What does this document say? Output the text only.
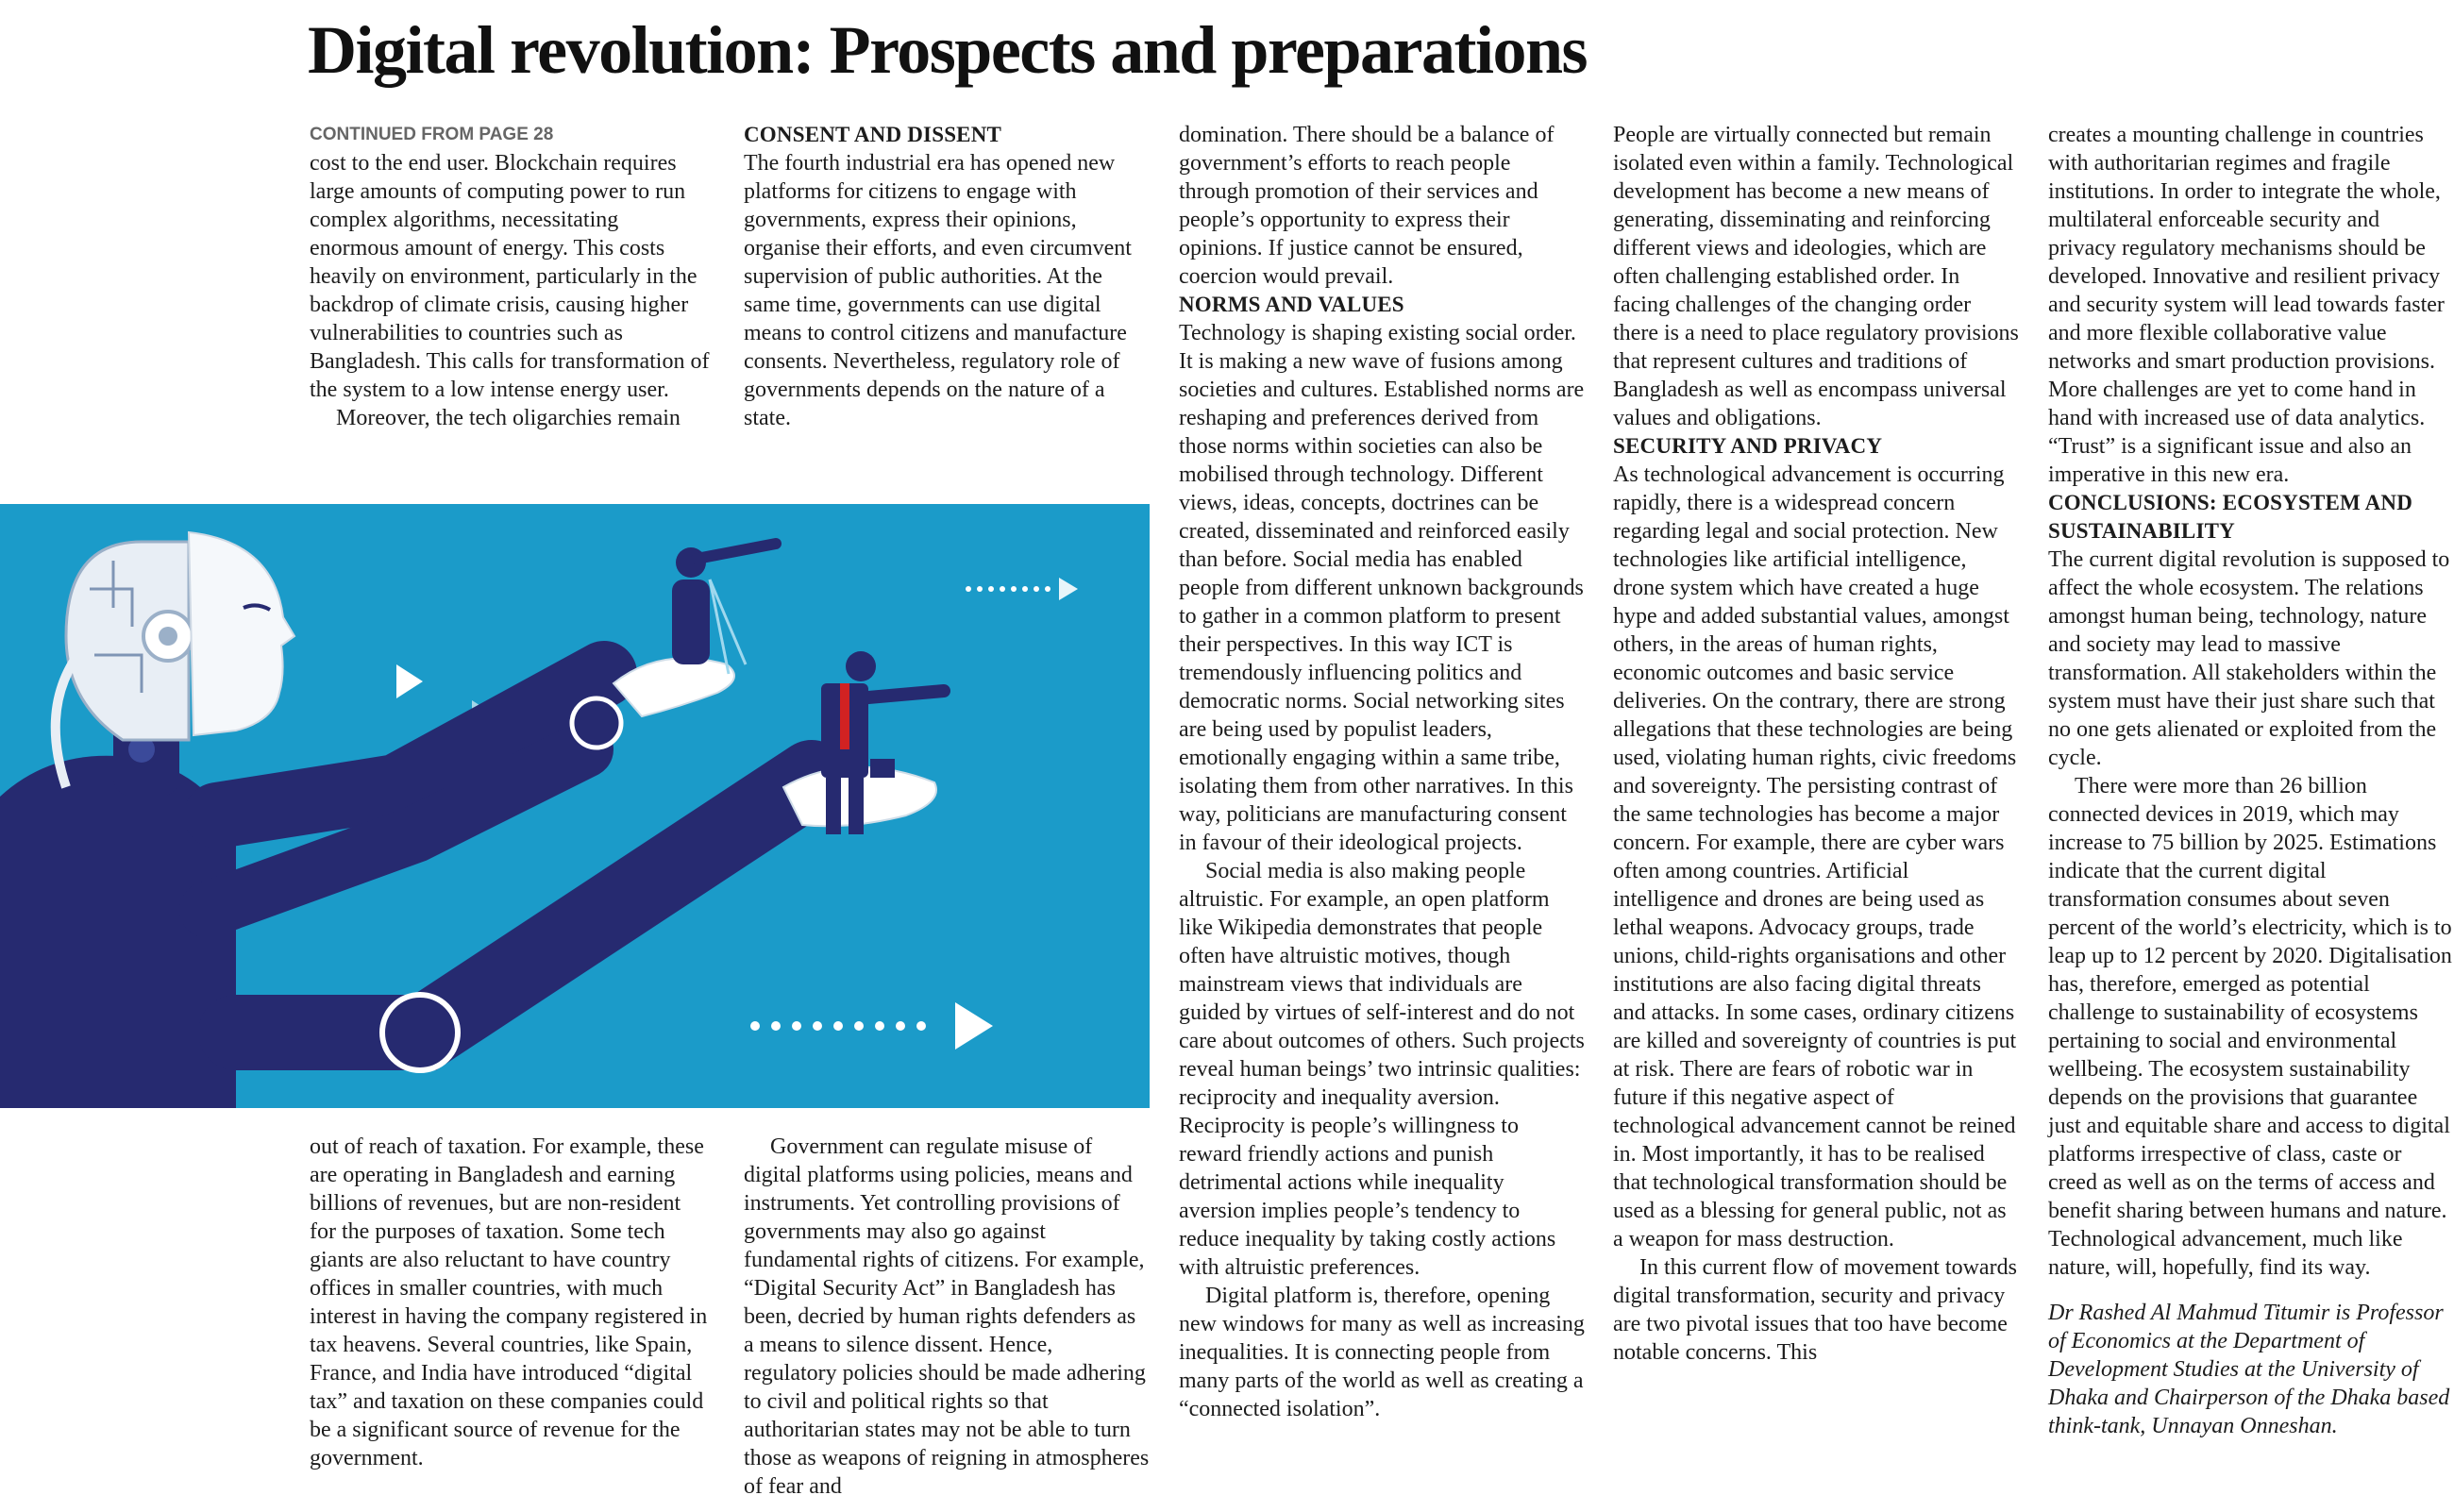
Digital revolution: Prospects and preparations
CONTINUED FROM PAGE 28

cost to the end user. Blockchain requires large amounts of computing power to run complex algorithms, necessitating enormous amount of energy. This costs heavily on environment, particularly in the backdrop of climate crisis, causing higher vulnerabilities to countries such as Bangladesh. This calls for transformation of the system to a low intense energy user.

Moreover, the tech oligarchies remain

out of reach of taxation. For example, these are operating in Bangladesh and earning billions of revenues, but are non-resident for the purposes of taxation. Some tech giants are also reluctant to have country offices in smaller countries, with much interest in having the company registered in tax heavens. Several countries, like Spain, France, and India have introduced “digital tax” and taxation on these companies could be a significant source of revenue for the government.

CONSENT AND DISSENT

The fourth industrial era has opened new platforms for citizens to engage with governments, express their opinions, organise their efforts, and even circumvent supervision of public authorities. At the same time, governments can use digital means to control citizens and manufacture consents. Nevertheless, regulatory role of governments depends on the nature of a state.

Government can regulate misuse of digital platforms using policies, means and instruments. Yet controlling provisions of governments may also go against fundamental rights of citizens. For example, “Digital Security Act” in Bangladesh has been, decried by human rights defenders as a means to silence dissent. Hence, regulatory policies should be made adhering to civil and political rights so that authoritarian states may not be able to turn those as weapons of reigning in atmospheres of fear and

domination. There should be a balance of government’s efforts to reach people through promotion of their services and people’s opportunity to express their opinions. If justice cannot be ensured, coercion would prevail.

NORMS AND VALUES

Technology is shaping existing social order. It is making a new wave of fusions among societies and cultures. Established norms are reshaping and preferences derived from those norms within societies can also be mobilised through technology. Different views, ideas, concepts, doctrines can be created, disseminated and reinforced easily than before. Social media has enabled people from different unknown backgrounds to gather in a common platform to present their perspectives. In this way ICT is tremendously influencing politics and democratic norms. Social networking sites are being used by populist leaders, emotionally engaging within a same tribe, isolating them from other narratives. In this way, politicians are manufacturing consent in favour of their ideological projects.

Social media is also making people altruistic. For example, an open platform like Wikipedia demonstrates that people often have altruistic motives, though mainstream views that individuals are guided by virtues of self-interest and do not care about outcomes of others. Such projects reveal human beings’ two intrinsic qualities: reciprocity and inequality aversion. Reciprocity is people’s willingness to reward friendly actions and punish detrimental actions while inequality aversion implies people’s tendency to reduce inequality by taking costly actions with altruistic preferences.

Digital platform is, therefore, opening new windows for many as well as increasing inequalities. It is connecting people from many parts of the world as well as creating a “connected isolation”.

People are virtually connected but remain isolated even within a family. Technological development has become a new means of generating, disseminating and reinforcing different views and ideologies, which are often challenging established order. In facing challenges of the changing order there is a need to place regulatory provisions that represent cultures and traditions of Bangladesh as well as encompass universal values and obligations.

SECURITY AND PRIVACY

As technological advancement is occurring rapidly, there is a widespread concern regarding legal and social protection. New technologies like artificial intelligence, drone system which have created a huge hype and added substantial values, amongst others, in the areas of human rights, economic outcomes and basic service deliveries. On the contrary, there are strong allegations that these technologies are being used, violating human rights, civic freedoms and sovereignty. The persisting contrast of the same technologies has become a major concern. For example, there are cyber wars often among countries. Artificial intelligence and drones are being used as lethal weapons. Advocacy groups, trade unions, child-rights organisations and other institutions are also facing digital threats and attacks. In some cases, ordinary citizens are killed and sovereignty of countries is put at risk. There are fears of robotic war in future if this negative aspect of technological advancement cannot be reined in. Most importantly, it has to be realised that technological transformation should be used as a blessing for general public, not as a weapon for mass destruction.

In this current flow of movement towards digital transformation, security and privacy are two pivotal issues that too have become notable concerns. This

creates a mounting challenge in countries with authoritarian regimes and fragile institutions. In order to integrate the whole, multilateral enforceable security and privacy regulatory mechanisms should be developed. Innovative and resilient privacy and security system will lead towards faster and more flexible collaborative value networks and smart production provisions. More challenges are yet to come hand in hand with increased use of data analytics. “Trust” is a significant issue and also an imperative in this new era.

CONCLUSIONS: ECOSYSTEM AND SUSTAINABILITY

The current digital revolution is supposed to affect the whole ecosystem. The relations amongst human being, technology, nature and society may lead to massive transformation. All stakeholders within the system must have their just share such that no one gets alienated or exploited from the cycle.

There were more than 26 billion connected devices in 2019, which may increase to 75 billion by 2025. Estimations indicate that the current digital transformation consumes about seven percent of the world’s electricity, which is to leap up to 12 percent by 2020. Digitalisation has, therefore, emerged as potential challenge to sustainability of ecosystems pertaining to social and environmental wellbeing. The ecosystem sustainability depends on the provisions that guarantee just and equitable share and access to digital platforms irrespective of class, caste or creed as well as on the terms of access and benefit sharing between humans and nature. Technological advancement, much like nature, will, hopefully, find its way.

Dr Rashed Al Mahmud Titumir is Professor of Economics at the Department of Development Studies at the University of Dhaka and Chairperson of the Dhaka based think-tank, Unnayan Onneshan.
